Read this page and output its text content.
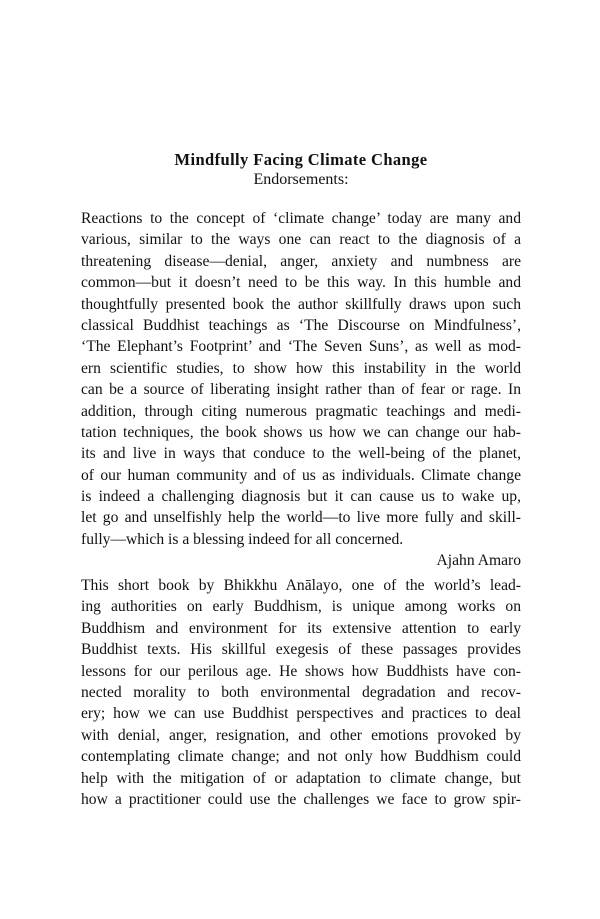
Mindfully Facing Climate Change
Endorsements:

Reactions to the concept of ‘climate change’ today are many and
various, similar to the ways one can react to the diagnosis of a
threatening disease—denial, anger, anxiety and numbness are
common—but it doesn’t need to be this way. In this humble and
thoughtfully presented book the author skillfully draws upon such
classical Buddhist teachings as ‘The Discourse on Mindfulness’,
‘The Elephant’s Footprint’ and ‘The Seven Suns’, as well as mod-
ern scientific studies, to show how this instability in the world
can be a source of liberating insight rather than of fear or rage. In
addition, through citing numerous pragmatic teachings and medi-
tation techniques, the book shows us how we can change our hab-
its and live in ways that conduce to the well-being of the planet,
of our human community and of us as individuals. Climate change
is indeed a challenging diagnosis but it can cause us to wake up,
let go and unselfishly help the world—to live more fully and skill-
fully—which is a blessing indeed for all concerned.

Ajahn Amaro

This short book by Bhikkhu Anālayo, one of the world’s lead-
ing authorities on early Buddhism, is unique among works on
Buddhism and environment for its extensive attention to early
Buddhist texts. His skillful exegesis of these passages provides
lessons for our perilous age. He shows how Buddhists have con-
nected morality to both environmental degradation and recov-
ery; how we can use Buddhist perspectives and practices to deal
with denial, anger, resignation, and other emotions provoked by
contemplating climate change; and not only how Buddhism could
help with the mitigation of or adaptation to climate change, but
how a practitioner could use the challenges we face to grow spir-
